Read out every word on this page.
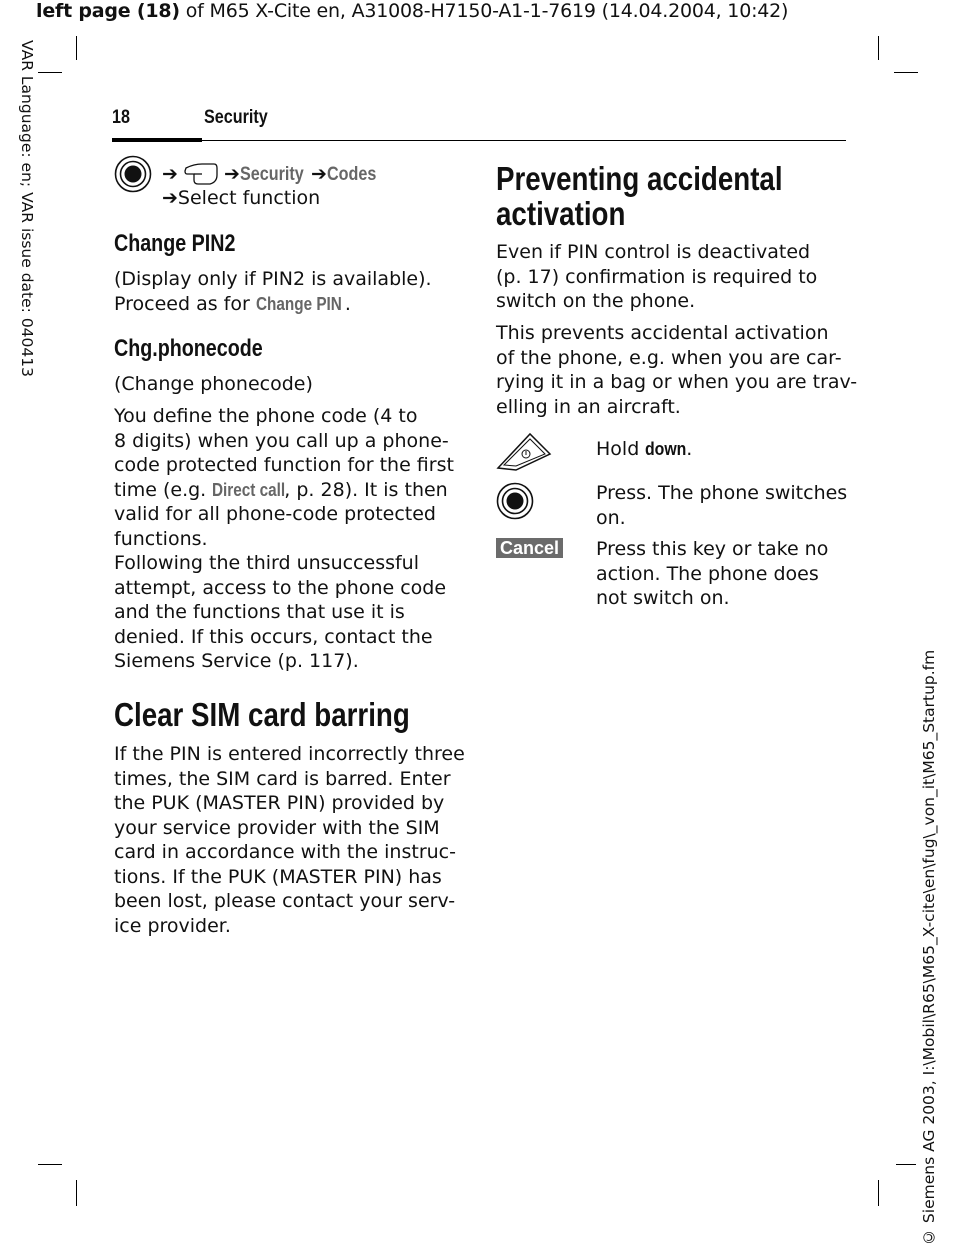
left page (18) of M65 X-Cite en, A31008-H7150-A1-1-7619 (14.04.2004, 10:42)
VAR Language: en; VAR issue date: 040413
© Siemens AG 2003, I:\Mobil\R65\M65_X-cite\en\fug\_von_it\M65_Startup.fm
18	Security
➔ ➔Security ➔Codes
➔Select function
Change PIN2
(Display only if PIN2 is available). Proceed as for Change PIN .
Chg.phonecode
(Change phonecode)
You define the phone code (4 to
8 digits) when you call up a phone-
code protected function for the first
time (e.g. Direct call, p. 28). It is then
valid for all phone-code protected
functions.
Following the third unsuccessful
attempt, access to the phone code
and the functions that use it is
denied. If this occurs, contact the
Siemens Service (p. 117).
Clear SIM card barring
If the PIN is entered incorrectly three
times, the SIM card is barred. Enter
the PUK (MASTER PIN) provided by
your service provider with the SIM
card in accordance with the instruc-
tions. If the PUK (MASTER PIN) has
been lost, please contact your serv-
ice provider.
Preventing accidental
activation
Even if PIN control is deactivated
(p. 17) confirmation is required to
switch on the phone.
This prevents accidental activation
of the phone, e.g. when you are car-
rying it in a bag or when you are trav-
elling in an aircraft.
Hold down.
Press. The phone switches
on.
Cancel Press this key or take no
action. The phone does
not switch on.
